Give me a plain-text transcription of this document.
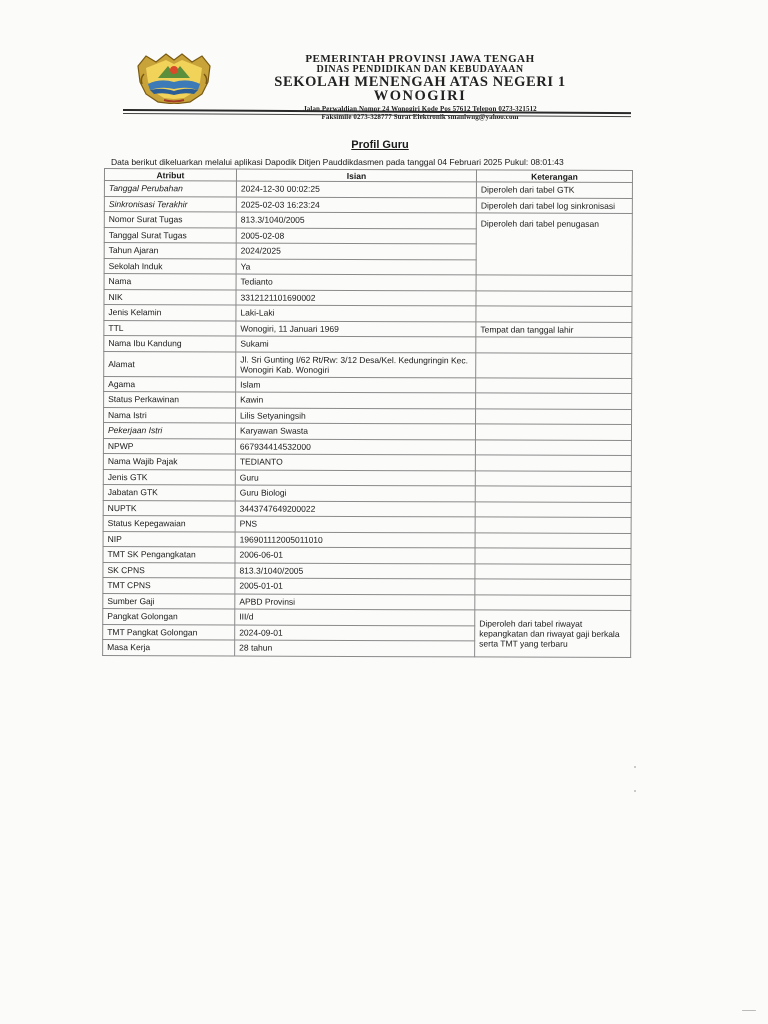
PEMERINTAH PROVINSI JAWA TENGAH
DINAS PENDIDIKAN DAN KEBUDAYAAN
SEKOLAH MENENGAH ATAS NEGERI 1
WONOGIRI
Jalan Perwaldian Nomor 24 Wonogiri Kode Pos 57612 Telepon 0273-321512
Faksimile 0273-328777 Surat Elektronik smanlwng@yahoo.com
Profil Guru
Data berikut dikeluarkan melalui aplikasi Dapodik Ditjen Pauddikdasmen pada tanggal 04 Februari 2025 Pukul: 08:01:43
Atribut	Isian	Keterangan
Tanggal Perubahan	2024-12-30 00:02:25	Diperoleh dari tabel GTK
Sinkronisasi Terakhir	2025-02-03 16:23:24	Diperoleh dari tabel log sinkronisasi
Nomor Surat Tugas	813.3/1040/2005	Diperoleh dari tabel penugasan

Tanggal Surat Tugas	2005-02-08	
Tahun Ajaran	2024/2025	
Sekolah Induk	Ya	
Nama	Tedianto	
NIK	3312121101690002	
Jenis Kelamin	Laki-Laki	
TTL	Wonogiri, 11 Januari 1969	Tempat dan tanggal lahir
Nama Ibu Kandung	Sukami	
Alamat	Jl. Sri Gunting I/62 Rt/Rw: 3/12 Desa/Kel. Kedungringin Kec. Wonogiri Kab. Wonogiri	
Agama	Islam	
Status Perkawinan	Kawin	
Nama Istri	Lilis Setyaningsih	
Pekerjaan Istri	Karyawan Swasta	
NPWP	667934414532000	
Nama Wajib Pajak	TEDIANTO	
Jenis GTK	Guru	
Jabatan GTK	Guru Biologi	
NUPTK	3443747649200022	
Status Kepegawaian	PNS	
NIP	196901112005011010	
TMT SK Pengangkatan	2006-06-01	
SK CPNS	813.3/1040/2005	
TMT CPNS	2005-01-01	
Sumber Gaji	APBD Provinsi	
Pangkat Golongan	III/d	Diperoleh dari tabel riwayat kepangkatan dan riwayat gaji berkala serta TMT yang terbaru
TMT Pangkat Golongan	2024-09-01	
Masa Kerja	28 tahun	
